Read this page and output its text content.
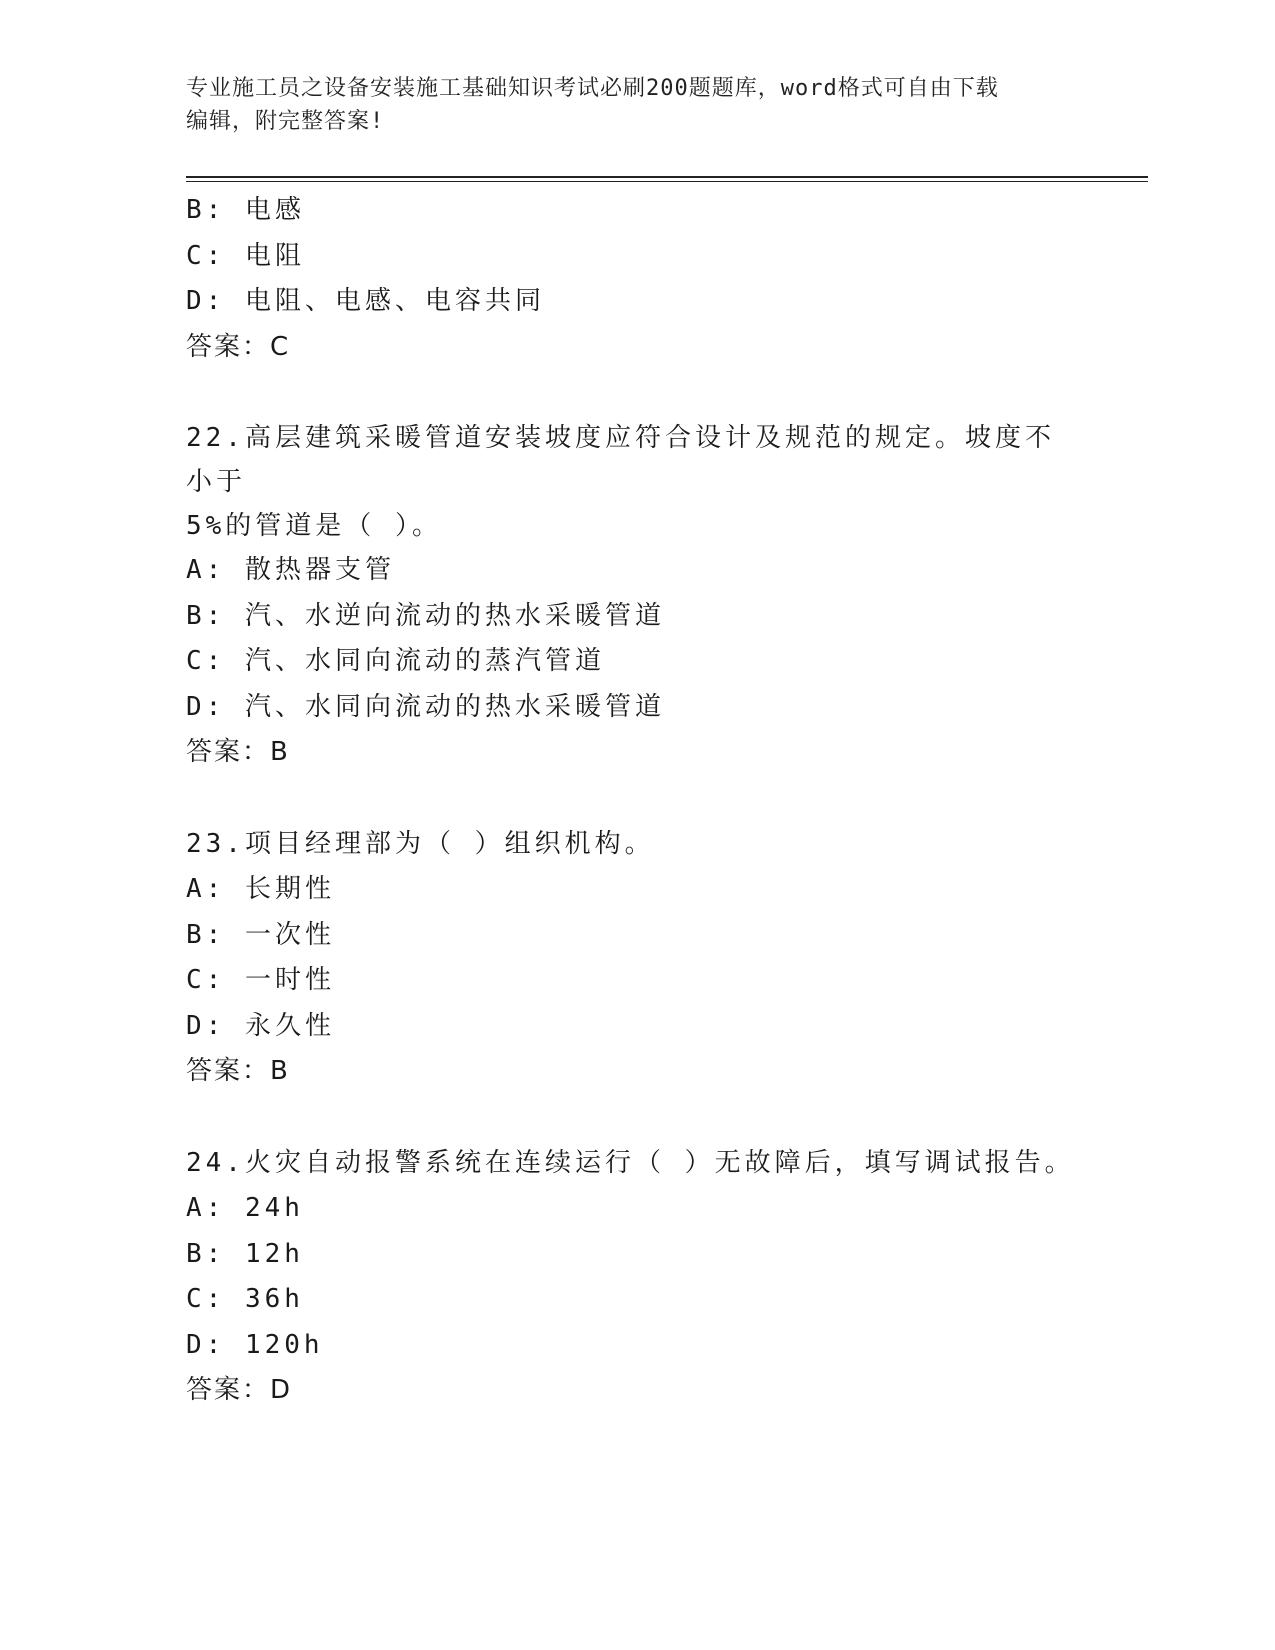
专业施工员之设备安装施工基础知识考试必刷200题题库，word格式可自由下载
编辑，附完整答案!
B: 电感
C: 电阻
D: 电阻、电感、电容共同
答案：C
22.高层建筑采暖管道安装坡度应符合设计及规范的规定。坡度不小于
5%的管道是（ ）。
A: 散热器支管
B: 汽、水逆向流动的热水采暖管道
C: 汽、水同向流动的蒸汽管道
D: 汽、水同向流动的热水采暖管道
答案：B
23.项目经理部为（ ）组织机构。
A: 长期性
B: 一次性
C: 一时性
D: 永久性
答案：B
24.火灾自动报警系统在连续运行（ ）无故障后，填写调试报告。
A: 24h
B: 12h
C: 36h
D: 120h
答案：D
